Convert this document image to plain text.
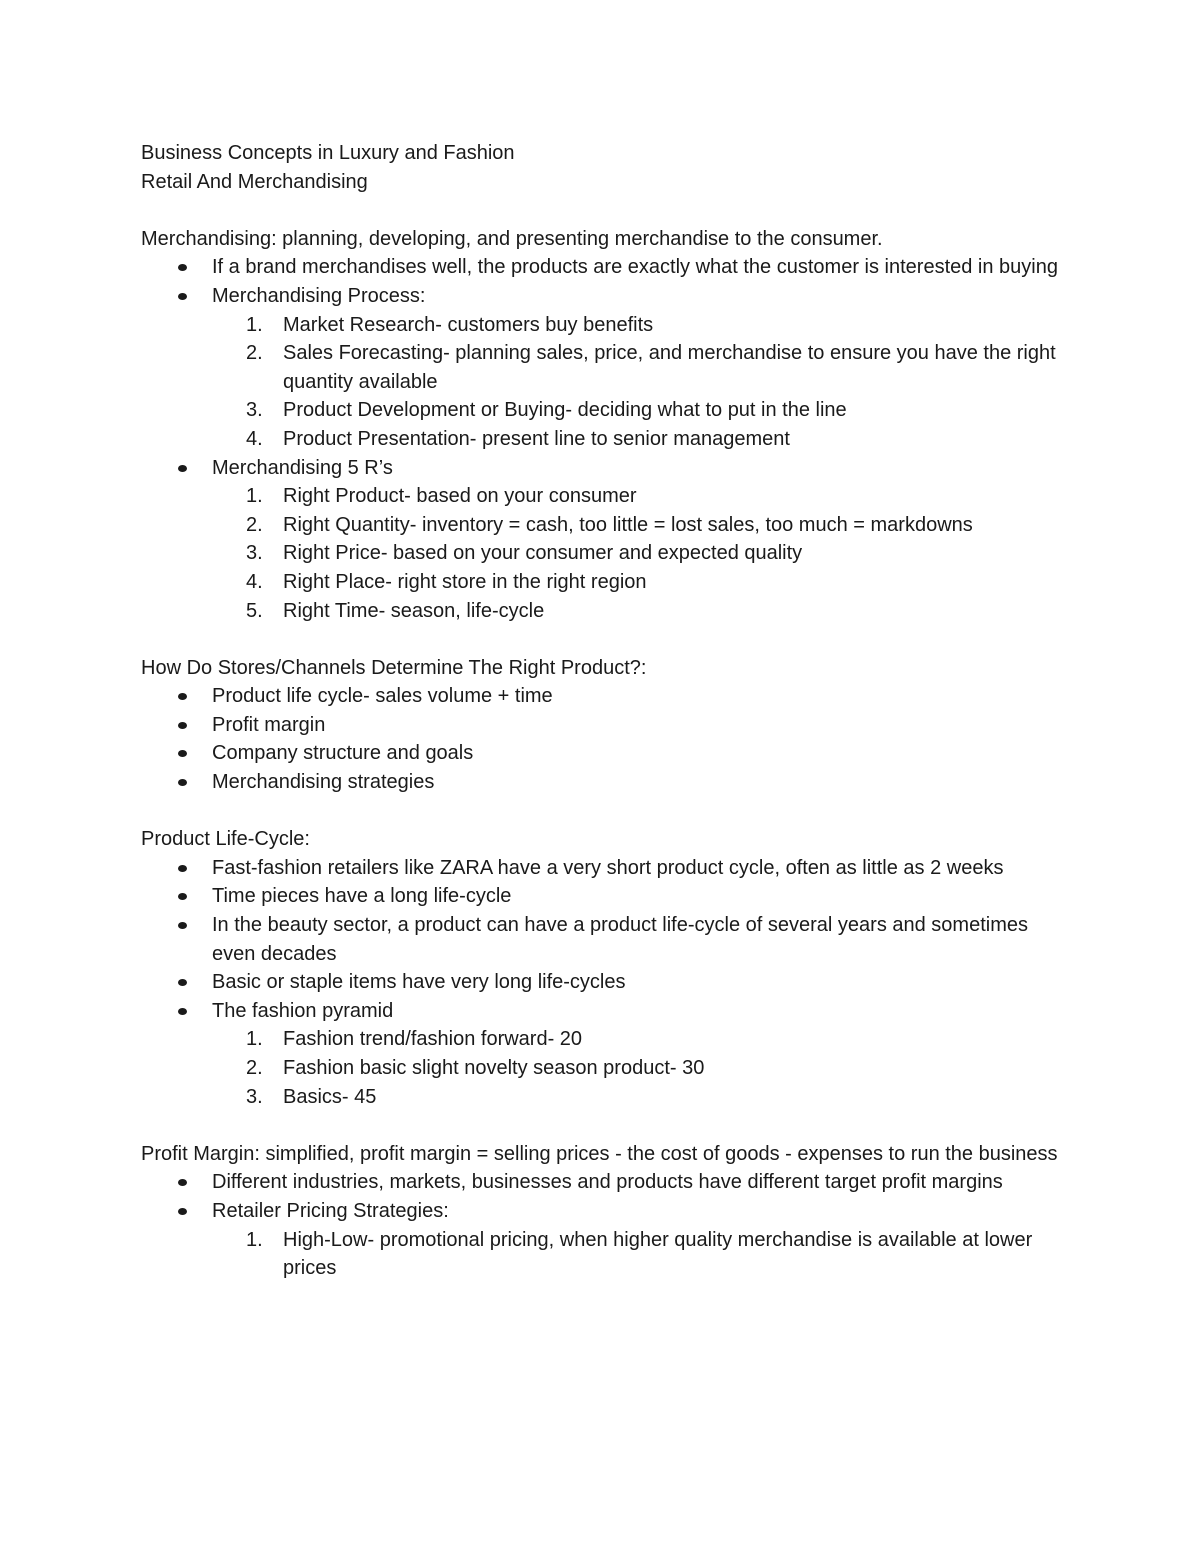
Business Concepts in Luxury and Fashion

Retail And Merchandising

Merchandising: planning, developing, and presenting merchandise to the consumer.

If a brand merchandises well, the products are exactly what the customer is interested in buying
Merchandising Process:
1. Market Research- customers buy benefits
2. Sales Forecasting- planning sales, price, and merchandise to ensure you have the right quantity available
3. Product Development or Buying- deciding what to put in the line
4. Product Presentation- present line to senior management
Merchandising 5 R’s
1. Right Product- based on your consumer
2. Right Quantity- inventory = cash, too little = lost sales, too much = markdowns
3. Right Price- based on your consumer and expected quality
4. Right Place- right store in the right region
5. Right Time- season, life-cycle

How Do Stores/Channels Determine The Right Product?:

Product life cycle- sales volume + time
Profit margin
Company structure and goals
Merchandising strategies

Product Life-Cycle:

Fast-fashion retailers like ZARA have a very short product cycle, often as little as 2 weeks
Time pieces have a long life-cycle
In the beauty sector, a product can have a product life-cycle of several years and sometimes even decades
Basic or staple items have very long life-cycles
The fashion pyramid
1. Fashion trend/fashion forward- 20
2. Fashion basic slight novelty season product- 30
3. Basics- 45

Profit Margin: simplified, profit margin = selling prices - the cost of goods - expenses to run the business

Different industries, markets, businesses and products have different target profit margins
Retailer Pricing Strategies:
1. High-Low- promotional pricing, when higher quality merchandise is available at lower prices
